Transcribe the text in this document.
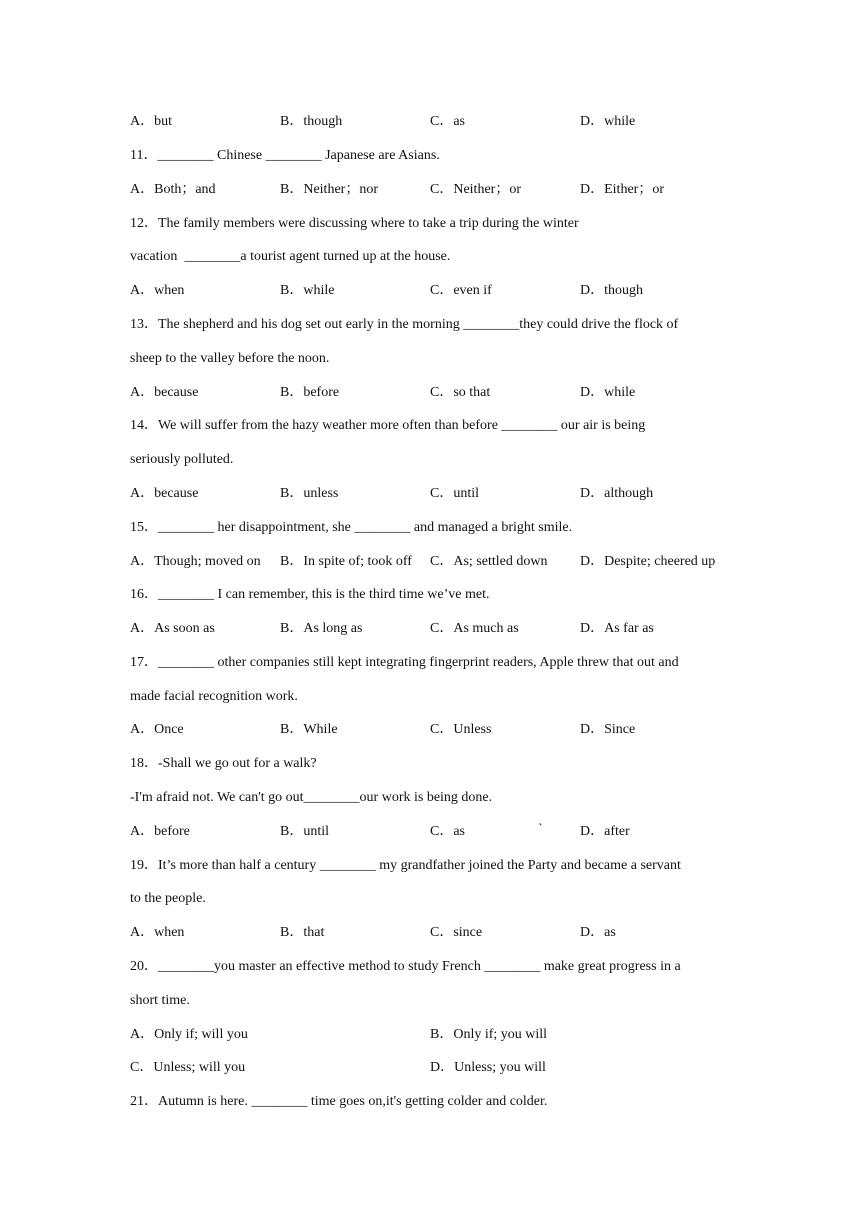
A．but	B．though	C．as	D．while
11．________ Chinese ________ Japanese are Asians.
A．Both；and	B．Neither；nor	C．Neither；or	D．Either；or
12．The family members were discussing where to take a trip during the winter
vacation  ________a tourist agent turned up at the house.
A．when	B．while	C．even if	D．though
13．The shepherd and his dog set out early in the morning ________they could drive the flock of
sheep to the valley before the noon.
A．because	B．before	C．so that	D．while
14．We will suffer from the hazy weather more often than before ________ our air is being
seriously polluted.
A．because	B．unless	C．until	D．although
15．________ her disappointment, she ________ and managed a bright smile.
A．Though; moved on B．In spite of; took off C．As; settled down D．Despite; cheered up
16．________ I can remember, this is the third time we’ve met.
A．As soon as	B．As long as	C．As much as	D．As far as
17．________ other companies still kept integrating fingerprint readers, Apple threw that out and
made facial recognition work.
A．Once	B．While	C．Unless	D．Since
18．-Shall we go out for a walk?
-I'm afraid not. We can't go out________our work is being done.
A．before	B．until	C．as	`	D．after
19．It’s more than half a century ________ my grandfather joined the Party and became a servant
to the people.
A．when	B．that	C．since	D．as
20．________you master an effective method to study French ________ make great progress in a
short time.
A．Only if; will you	B．Only if; you will
C．Unless; will you	D．Unless; you will
21．Autumn is here. ________ time goes on,it's getting colder and colder.
